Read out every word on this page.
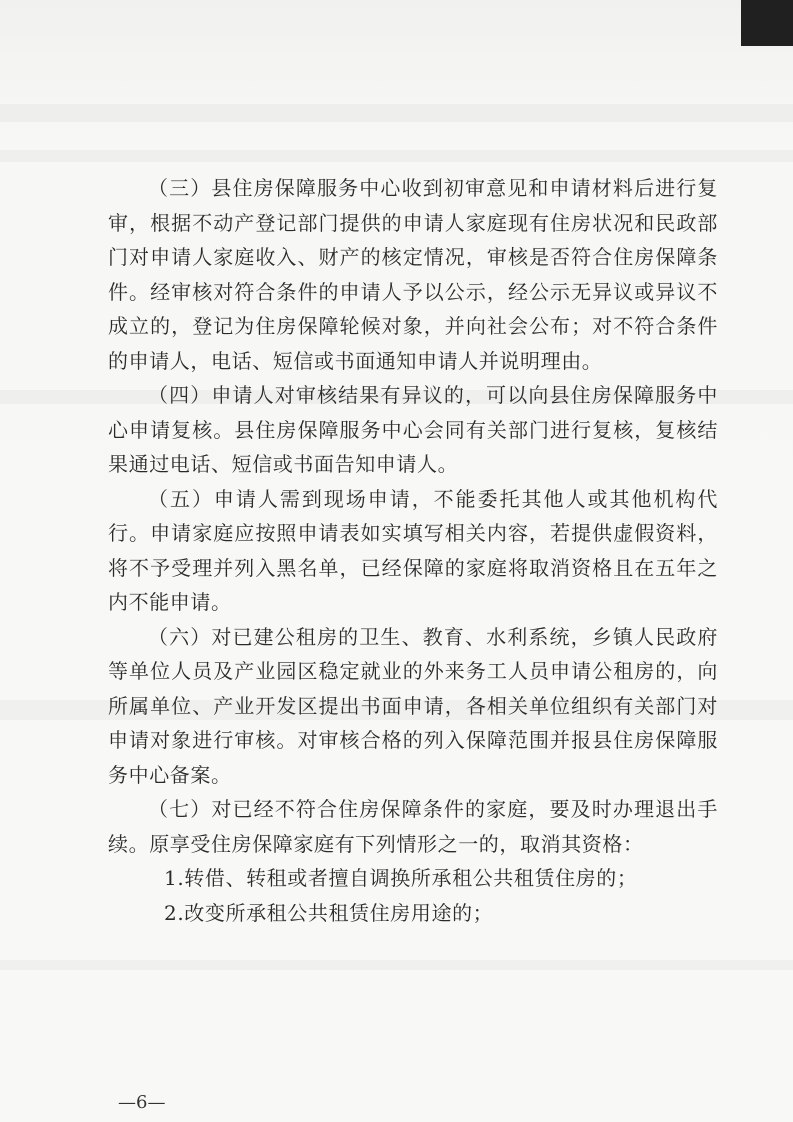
（三）县住房保障服务中心收到初审意见和申请材料后进行复审，根据不动产登记部门提供的申请人家庭现有住房状况和民政部门对申请人家庭收入、财产的核定情况，审核是否符合住房保障条件。经审核对符合条件的申请人予以公示，经公示无异议或异议不成立的，登记为住房保障轮候对象，并向社会公布；对不符合条件的申请人，电话、短信或书面通知申请人并说明理由。

（四）申请人对审核结果有异议的，可以向县住房保障服务中心申请复核。县住房保障服务中心会同有关部门进行复核，复核结果通过电话、短信或书面告知申请人。

（五）申请人需到现场申请，不能委托其他人或其他机构代行。申请家庭应按照申请表如实填写相关内容，若提供虚假资料，将不予受理并列入黑名单，已经保障的家庭将取消资格且在五年之内不能申请。

（六）对已建公租房的卫生、教育、水利系统，乡镇人民政府等单位人员及产业园区稳定就业的外来务工人员申请公租房的，向所属单位、产业开发区提出书面申请，各相关单位组织有关部门对申请对象进行审核。对审核合格的列入保障范围并报县住房保障服务中心备案。

（七）对已经不符合住房保障条件的家庭，要及时办理退出手续。原享受住房保障家庭有下列情形之一的，取消其资格：

1.转借、转租或者擅自调换所承租公共租赁住房的；

2.改变所承租公共租赁住房用途的；

—6—
